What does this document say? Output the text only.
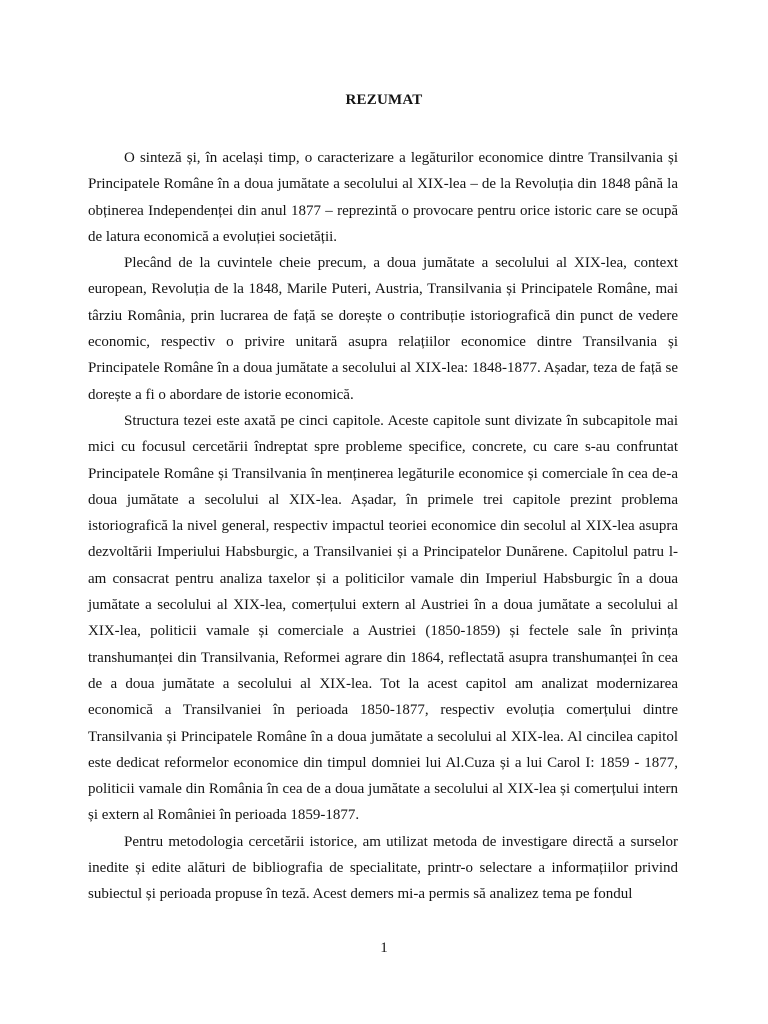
REZUMAT

O sinteză și, în același timp, o caracterizare a legăturilor economice dintre Transilvania și Principatele Române în a doua jumătate a secolului al XIX-lea – de la Revoluția din 1848 până la obținerea Independenței din anul 1877 – reprezintă o provocare pentru orice istoric care se ocupă de latura economică a evoluției societății.

Plecând de la cuvintele cheie precum, a doua jumătate a secolului al XIX-lea, context european, Revoluția de la 1848, Marile Puteri, Austria, Transilvania și Principatele Române, mai târziu România, prin lucrarea de față se dorește o contribuție istoriografică din punct de vedere economic, respectiv o privire unitară asupra relațiilor economice dintre Transilvania și Principatele Române în a doua jumătate a secolului al XIX-lea: 1848-1877. Așadar, teza de față se dorește a fi o abordare de istorie economică.

Structura tezei este axată pe cinci capitole. Aceste capitole sunt divizate în subcapitole mai mici cu focusul cercetării îndreptat spre probleme specifice, concrete, cu care s-au confruntat Principatele Române și Transilvania în menținerea legăturile economice și comerciale în cea de-a doua jumătate a secolului al XIX-lea. Așadar, în primele trei capitole prezint problema istoriografică la nivel general, respectiv impactul teoriei economice din secolul al XIX-lea asupra dezvoltării Imperiului Habsburgic, a Transilvaniei și a Principatelor Dunărene. Capitolul patru l-am consacrat pentru analiza taxelor și a politicilor vamale din Imperiul Habsburgic în a doua jumătate a secolului al XIX-lea, comerțului extern al Austriei în a doua jumătate a secolului al XIX-lea, politicii vamale și comerciale a Austriei (1850-1859) și fectele sale în privința transhumanței din Transilvania, Reformei agrare din 1864, reflectată asupra transhumanței în cea de a doua jumătate a secolului al XIX-lea. Tot la acest capitol am analizat modernizarea economică a Transilvaniei în perioada 1850-1877, respectiv evoluția comerțului dintre Transilvania și Principatele Române în a doua jumătate a secolului al XIX-lea. Al cincilea capitol este dedicat reformelor economice din timpul domniei lui Al.Cuza și a lui Carol I: 1859 - 1877, politicii vamale din România în cea de a doua jumătate a secolului al XIX-lea și comerțului intern și extern al României în perioada 1859-1877.

Pentru metodologia cercetării istorice, am utilizat metoda de investigare directă a surselor inedite și edite alături de bibliografia de specialitate, printr-o selectare a informațiilor privind subiectul și perioada propuse în teză. Acest demers mi-a permis să analizez tema pe fondul

1
